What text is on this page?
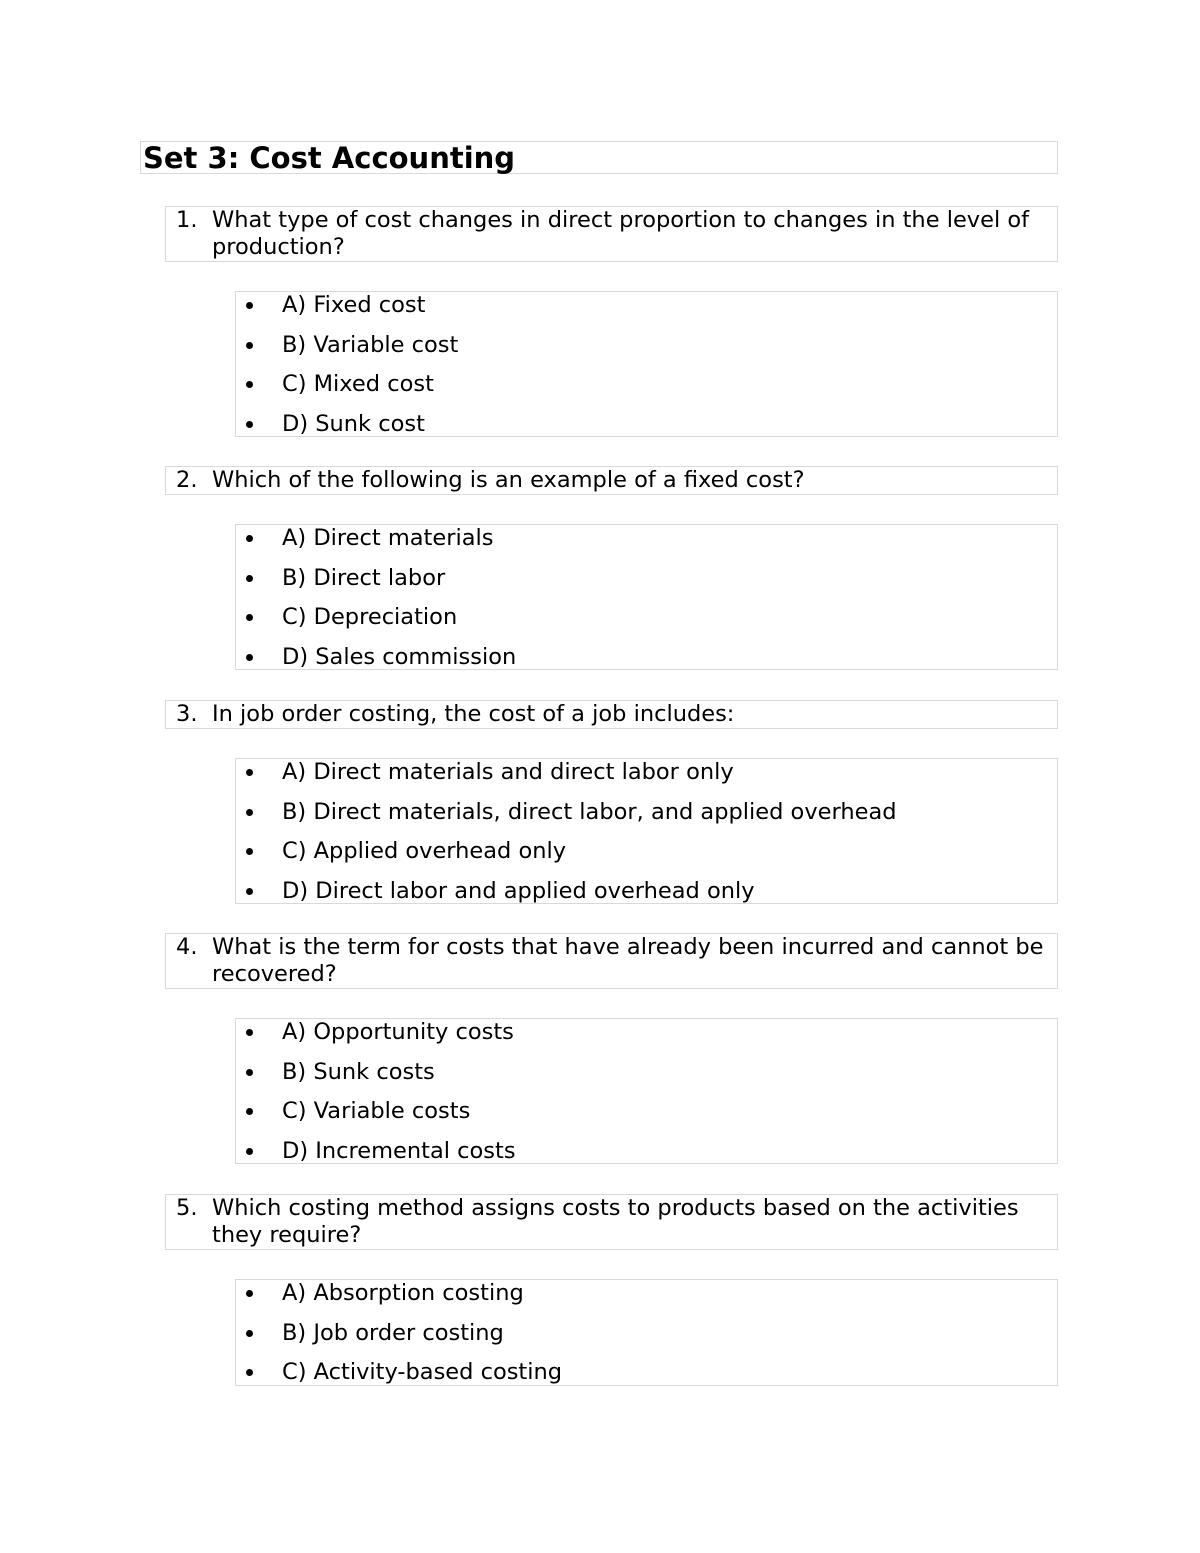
Set 3: Cost Accounting
1. What type of cost changes in direct proportion to changes in the level of production?
A) Fixed cost
B) Variable cost
C) Mixed cost
D) Sunk cost
2. Which of the following is an example of a fixed cost?
A) Direct materials
B) Direct labor
C) Depreciation
D) Sales commission
3. In job order costing, the cost of a job includes:
A) Direct materials and direct labor only
B) Direct materials, direct labor, and applied overhead
C) Applied overhead only
D) Direct labor and applied overhead only
4. What is the term for costs that have already been incurred and cannot be recovered?
A) Opportunity costs
B) Sunk costs
C) Variable costs
D) Incremental costs
5. Which costing method assigns costs to products based on the activities they require?
A) Absorption costing
B) Job order costing
C) Activity-based costing
